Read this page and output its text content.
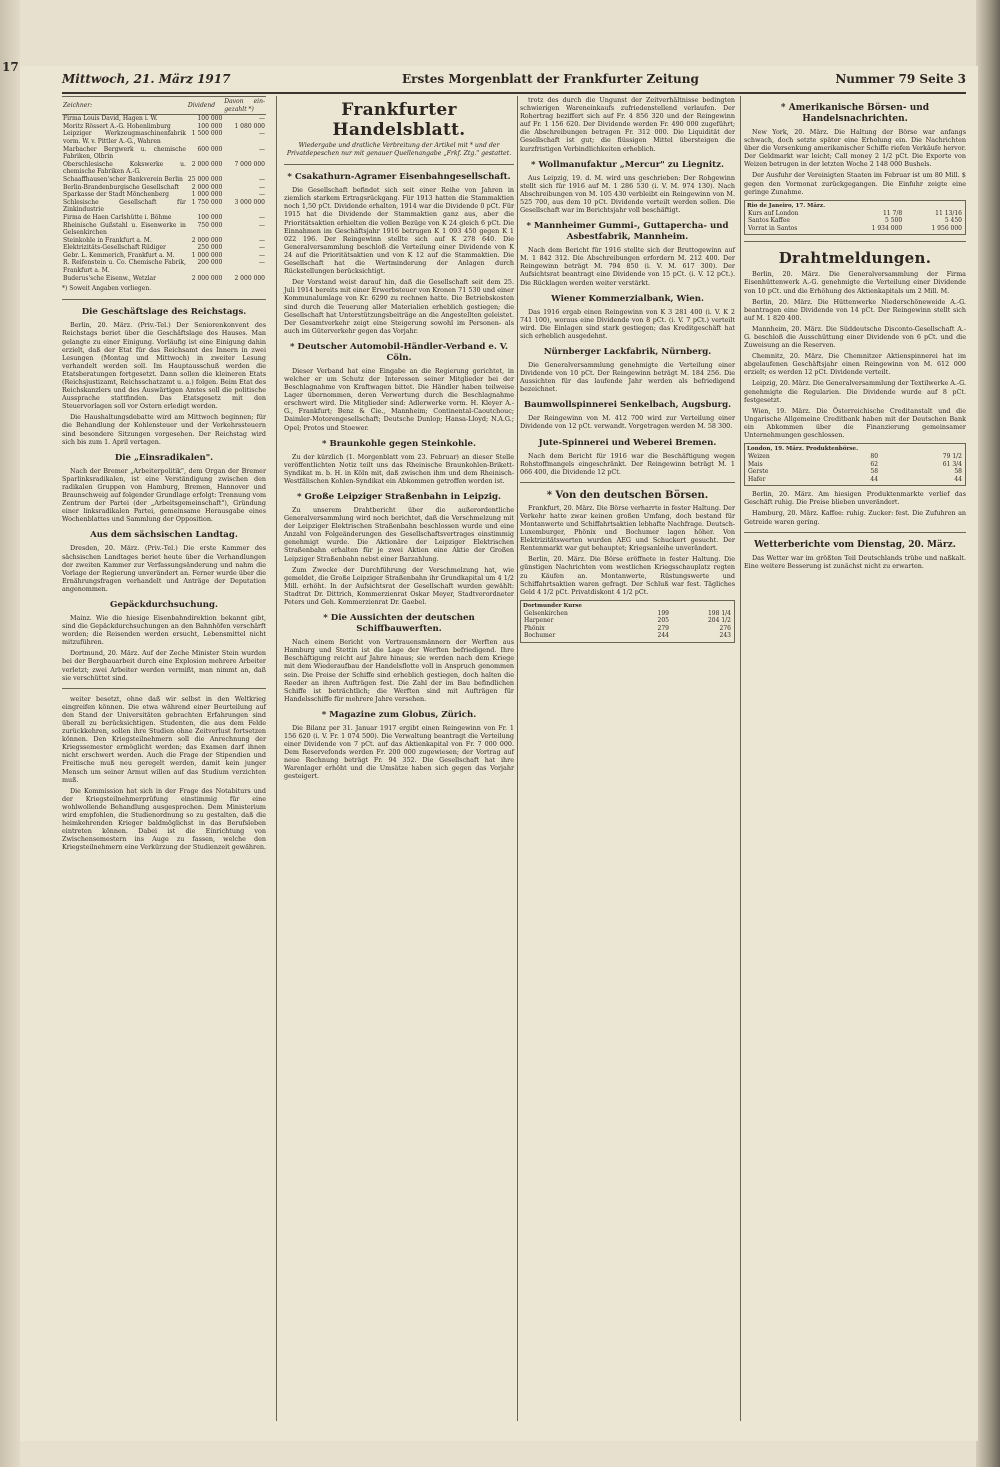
17
Mittwoch, 21. März 1917	Erstes Morgenblatt der Frankfurter Zeitung	Nummer 79 Seite 3
Zeichner:	Dividend	Davon ein-gezahlt *)
Firma Louis David, Hagen i. W.	100 000	—
Moritz Rössert A.-G. Hohenlimburg	100 000	1 080 000
Leipziger Werkzeugmaschinenfabrik vorm. W. v. Pittler A.-G., Wahren	1 500 000	—
Marbacher Bergwerk u. chemische Fabriken, Olbrin	600 000	—
Oberschlesische Kokswerke u. chemische Fabriken A.-G.	2 000 000	7 000 000
Schaaffhausen'scher Bankverein Berlin	25 000 000	—
Berlin-Brandenburgische Gesellschaft	2 000 000	—
Sparkasse der Stadt Mönchenberg	1 000 000	—
Schlesische Gesellschaft für Zinkindustrie	1 750 000	3 000 000
Firma de Haen Carlshütte i. Böhme	100 000	—
Rheinische Gußstahl u. Eisenwerke in Gelsenkirchen	750 000	—
Steinkohle in Frankfurt a. M.	2 000 000	—
Elektrizitäts-Gesellschaft Rüdiger	250 000	—
Gebr. L. Kemmerich, Frankfurt a. M.	1 000 000	—
R. Reifenstein u. Co. Chemische Fabrik, Frankfurt a. M.	200 000	—
Buderus'sche Eisenw., Wetzlar	2 000 000	2 000 000
*) Soweit Angaben vorliegen.
Die Geschäftslage des Reichstags.

Berlin, 20. März. (Priv.-Tel.) Der Seniorenkonvent des Reichstags beriet über die Geschäftslage des Hauses. Man gelangte zu einer Einigung. Vorläufig ist eine Einigung dahin erzielt, daß der Etat für das Reichsamt des Innern in zwei Lesungen (Montag und Mittwoch) in zweiter Lesung verhandelt werden soll. Im Hauptausschuß werden die Etatsberatungen fortgesetzt. Dann sollen die kleineren Etats (Reichsjustizamt, Reichsschatzamt u. a.) folgen. Beim Etat des Reichskanzlers und des Auswärtigen Amtes soll die politische Aussprache stattfinden. Das Etatsgesetz mit den Steuervorlagen soll vor Ostern erledigt werden.

Die Haushaltungsdebatte wird am Mittwoch beginnen; für die Behandlung der Kohlensteuer und der Verkehrssteuern sind besondere Sitzungen vorgesehen. Der Reichstag wird sich bis zum 1. April vertagen.

Die „Einsradikalen".

Nach der Bremer „Arbeiterpolitik", dem Organ der Bremer Sparlinksradikalen, ist eine Verständigung zwischen den radikalen Gruppen von Hamburg, Bremen, Hannover und Braunschweig auf folgender Grundlage erfolgt: Trennung vom Zentrum der Partei (der „Arbeitsgemeinschaft"), Gründung einer linksradikalen Partei, gemeinsame Herausgabe eines Wochenblattes und Sammlung der Opposition.

Aus dem sächsischen Landtag.

Dresden, 20. März. (Priv.-Tel.) Die erste Kammer des sächsischen Landtages beriet heute über die Verhandlungen der zweiten Kammer zur Verfassungsänderung und nahm die Vorlage der Regierung unverändert an. Ferner wurde über die Ernährungsfragen verhandelt und Anträge der Deputation angenommen.

Gepäckdurchsuchung.

Mainz. Wie die hiesige Eisenbahndirektion bekannt gibt, sind die Gepäckdurchsuchungen an den Bahnhöfen verschärft worden; die Reisenden werden ersucht, Lebensmittel nicht mitzuführen.

Dortmund, 20. März. Auf der Zeche Minister Stein wurden bei der Bergbauarbeit durch eine Explosion mehrere Arbeiter verletzt; zwei Arbeiter werden vermißt, man nimmt an, daß sie verschüttet sind.

weiter besetzt, ohne daß wir selbst in den Weltkrieg eingreifen können. Die etwa während einer Beurteilung auf den Stand der Universitäten gebrachten Erfahrungen sind überall zu berücksichtigen. Studenten, die aus dem Felde zurückkehren, sollen ihre Studien ohne Zeitverlust fortsetzen können. Den Kriegsteilnehmern soll die Anrechnung der Kriegssemester ermöglicht werden; das Examen darf ihnen nicht erschwert werden. Auch die Frage der Stipendien und Freitische muß neu geregelt werden, damit kein junger Mensch um seiner Armut willen auf das Studium verzichten muß.

Die Kommission hat sich in der Frage des Notabiturs und der Kriegsteilnehmerprüfung einstimmig für eine wohlwollende Behandlung ausgesprochen. Dem Ministerium wird empfohlen, die Studienordnung so zu gestalten, daß die heimkehrenden Krieger baldmöglichst in das Berufsleben eintreten können. Dabei ist die Einrichtung von Zwischensemestern ins Auge zu fassen, welche den Kriegsteilnehmern eine Verkürzung der Studienzeit gewähren.

Frankfurter Handelsblatt.
Wiedergabe und dratliche Verbreitung der Artikel mit * und der Privatdepeschen nur mit genauer Quellenangabe „Frkf. Ztg." gestattet.
* Csakathurn-Agramer Eisenbahngesellschaft.

Die Gesellschaft befindet sich seit einer Reihe von Jahren in ziemlich starkem Ertragsrückgang. Für 1913 hatten die Stammaktien noch 1,50 pCt. Dividende erhalten, 1914 war die Dividende 0 pCt. Für 1915 hat die Dividende der Stammaktien ganz aus, aber die Prioritätsaktien erhielten die vollen Bezüge von K 24 gleich 6 pCt. Die Einnahmen im Geschäftsjahr 1916 betrugen K 1 093 450 gegen K 1 022 196. Der Reingewinn stellte sich auf K 278 640. Die Generalversammlung beschloß die Verteilung einer Dividende von K 24 auf die Prioritätsaktien und von K 12 auf die Stammaktien. Die Gesellschaft hat die Wertminderung der Anlagen durch Rückstellungen berücksichtigt.

Der Vorstand weist darauf hin, daß die Gesellschaft seit dem 25. Juli 1914 bereits mit einer Erwerbsteuer von Kronen 71 530 und einer Kommunalumlage von Kr. 6290 zu rechnen hatte. Die Betriebskosten sind durch die Teuerung aller Materialien erheblich gestiegen; die Gesellschaft hat Unterstützungsbeiträge an die Angestellten geleistet. Der Gesamtverkehr zeigt eine Steigerung sowohl im Personen- als auch im Güterverkehr gegen das Vorjahr.

* Deutscher Automobil-Händler-Verband e. V. Cöln.

Dieser Verband hat eine Eingabe an die Regierung gerichtet, in welcher er um Schutz der Interessen seiner Mitglieder bei der Beschlagnahme von Kraftwagen bittet. Die Händler haben teilweise Lager übernommen, deren Verwertung durch die Beschlagnahme erschwert wird. Die Mitglieder sind: Adlerwerke vorm. H. Kleyer A.-G., Frankfurt; Benz & Cie., Mannheim; Continental-Caoutchouc; Daimler-Motorengesellschaft; Deutsche Dunlop; Hansa-Lloyd; N.A.G.; Opel; Protos und Stoewer.

* Braunkohle gegen Steinkohle.

Zu der kürzlich (1. Morgenblatt vom 23. Februar) an dieser Stelle veröffentlichten Notiz teilt uns das Rheinische Braunkohlen-Brikett-Syndikat m. b. H. in Köln mit, daß zwischen ihm und dem Rheinisch-Westfälischen Kohlen-Syndikat ein Abkommen getroffen worden ist.

* Große Leipziger Straßenbahn in Leipzig.

Zu unserem Drahtbericht über die außerordentliche Generalversammlung wird noch berichtet, daß die Verschmelzung mit der Leipziger Elektrischen Straßenbahn beschlossen wurde und eine Anzahl von Folgeänderungen des Gesellschaftsvertrages einstimmig genehmigt wurde. Die Aktionäre der Leipziger Elektrischen Straßenbahn erhalten für je zwei Aktien eine Aktie der Großen Leipziger Straßenbahn nebst einer Barzahlung.

Zum Zwecke der Durchführung der Verschmelzung hat, wie gemeldet, die Große Leipziger Straßenbahn ihr Grundkapital um 4 1/2 Mill. erhöht. In der Aufsichtsrat der Gesellschaft wurden gewählt: Stadtrat Dr. Dittrich, Kommerzienrat Oskar Meyer, Stadtverordneter Peters und Geh. Kommerzienrat Dr. Gaebel.

* Die Aussichten der deutschen Schiffbauwerften.

Nach einem Bericht von Vertrauensmännern der Werften aus Hamburg und Stettin ist die Lage der Werften befriedigend. Ihre Beschäftigung reicht auf Jahre hinaus; sie werden nach dem Kriege mit dem Wiederaufbau der Handelsflotte voll in Anspruch genommen sein. Die Preise der Schiffe sind erheblich gestiegen, doch halten die Reeder an ihren Aufträgen fest. Die Zahl der im Bau befindlichen Schiffe ist beträchtlich; die Werften sind mit Aufträgen für Handelsschiffe für mehrere Jahre versehen.

* Magazine zum Globus, Zürich.

Die Bilanz per 31. Januar 1917 ergibt einen Reingewinn von Fr. 1 156 620 (i. V. Fr. 1 074 500). Die Verwaltung beantragt die Verteilung einer Dividende von 7 pCt. auf das Aktienkapital von Fr. 7 000 000. Dem Reservefonds werden Fr. 200 000 zugewiesen; der Vortrag auf neue Rechnung beträgt Fr. 94 352. Die Gesellschaft hat ihre Warenlager erhöht und die Umsätze haben sich gegen das Vorjahr gesteigert.

trotz des durch die Ungunst der Zeitverhältnisse bedingten schwierigen Wareneinkaufs zufriedenstellend verlaufen. Der Rohertrag beziffert sich auf Fr. 4 856 320 und der Reingewinn auf Fr. 1 156 620. Der Dividende werden Fr. 490 000 zugeführt; die Abschreibungen betragen Fr. 312 000. Die Liquidität der Gesellschaft ist gut; die flüssigen Mittel übersteigen die kurzfristigen Verbindlichkeiten erheblich.

* Wollmanufaktur „Mercur" zu Liegnitz.

Aus Leipzig, 19. d. M. wird uns geschrieben: Der Rohgewinn stellt sich für 1916 auf M. 1 286 530 (i. V. M. 974 130). Nach Abschreibungen von M. 105 430 verbleibt ein Reingewinn von M. 525 700, aus dem 10 pCt. Dividende verteilt werden sollen. Die Gesellschaft war im Berichtsjahr voll beschäftigt.

* Mannheimer Gummi-, Guttapercha- und Asbestfabrik, Mannheim.

Nach dem Bericht für 1916 stellte sich der Bruttogewinn auf M. 1 842 312. Die Abschreibungen erfordern M. 212 400. Der Reingewinn beträgt M. 794 850 (i. V. M. 617 300). Der Aufsichtsrat beantragt eine Dividende von 15 pCt. (i. V. 12 pCt.). Die Rücklagen werden weiter verstärkt.

Wiener Kommerzialbank, Wien.

Das 1916 ergab einen Reingewinn von K 3 281 400 (i. V. K 2 741 100), woraus eine Dividende von 8 pCt. (i. V. 7 pCt.) verteilt wird. Die Einlagen sind stark gestiegen; das Kreditgeschäft hat sich erheblich ausgedehnt.

Nürnberger Lackfabrik, Nürnberg.

Die Generalversammlung genehmigte die Verteilung einer Dividende von 10 pCt. Der Reingewinn beträgt M. 184 256. Die Aussichten für das laufende Jahr werden als befriedigend bezeichnet.

Baumwollspinnerei Senkelbach, Augsburg.

Der Reingewinn von M. 412 700 wird zur Verteilung einer Dividende von 12 pCt. verwandt. Vorgetragen werden M. 58 300.

Jute-Spinnerei und Weberei Bremen.

Nach dem Bericht für 1916 war die Beschäftigung wegen Rohstoffmangels eingeschränkt. Der Reingewinn beträgt M. 1 066 400, die Dividende 12 pCt.

* Von den deutschen Börsen.

Frankfurt, 20. März. Die Börse verharrte in fester Haltung. Der Verkehr hatte zwar keinen großen Umfang, doch bestand für Montanwerte und Schiffahrtsaktien lebhafte Nachfrage. Deutsch-Luxemburger, Phönix und Bochumer lagen höher. Von Elektrizitätswerten wurden AEG und Schuckert gesucht. Der Rentenmarkt war gut behauptet; Kriegsanleihe unverändert.

Berlin, 20. März. Die Börse eröffnete in fester Haltung. Die günstigen Nachrichten vom westlichen Kriegsschauplatz regten zu Käufen an. Montanwerte, Rüstungswerte und Schiffahrtsaktien waren gefragt. Der Schluß war fest. Tägliches Geld 4 1/2 pCt. Privatdiskont 4 1/2 pCt.

Dortmunder Kurse
Gelsenkirchen	199	198 1/4
Harpener	205	204 1/2
Phönix	279	276
Bochumer	244	243
* Amerikanische Börsen- und Handelsnachrichten.

New York, 20. März. Die Haltung der Börse war anfangs schwach, doch setzte später eine Erholung ein. Die Nachrichten über die Versenkung amerikanischer Schiffe riefen Verkäufe hervor. Der Geldmarkt war leicht; Call money 2 1/2 pCt. Die Exporte von Weizen betrugen in der letzten Woche 2 148 000 Bushels.

Der Ausfuhr der Vereinigten Staaten im Februar ist um 80 Mill. $ gegen den Vormonat zurückgegangen. Die Einfuhr zeigte eine geringe Zunahme.

Rio de Janeiro, 17. März.
Kurs auf London	11 7/8	11 13/16
Santos Kaffee	5 500	5 450
Vorrat in Santos	1 934 000	1 956 000
Drahtmeldungen.

Berlin, 20. März. Die Generalversammlung der Firma Eisenhüttenwerk A.-G. genehmigte die Verteilung einer Dividende von 10 pCt. und die Erhöhung des Aktienkapitals um 2 Mill. M.

Berlin, 20. März. Die Hüttenwerke Niederschöneweide A.-G. beantragen eine Dividende von 14 pCt. Der Reingewinn stellt sich auf M. 1 820 400.

Mannheim, 20. März. Die Süddeutsche Disconto-Gesellschaft A.-G. beschloß die Ausschüttung einer Dividende von 6 pCt. und die Zuweisung an die Reserven.

Chemnitz, 20. März. Die Chemnitzer Aktienspinnerei hat im abgelaufenen Geschäftsjahr einen Reingewinn von M. 612 000 erzielt; es werden 12 pCt. Dividende verteilt.

Leipzig, 20. März. Die Generalversammlung der Textilwerke A.-G. genehmigte die Regularien. Die Dividende wurde auf 8 pCt. festgesetzt.

Wien, 19. März. Die Österreichische Creditanstalt und die Ungarische Allgemeine Creditbank haben mit der Deutschen Bank ein Abkommen über die Finanzierung gemeinsamer Unternehmungen geschlossen.

London, 19. März. Produktenbörse.
Weizen	80	79 1/2
Mais	62	61 3/4
Gerste	58	58
Hafer	44	44

Berlin, 20. März. Am hiesigen Produktenmarkte verlief das Geschäft ruhig. Die Preise blieben unverändert.

Hamburg, 20. März. Kaffee: ruhig. Zucker: fest. Die Zufuhren an Getreide waren gering.

Wetterberichte vom Dienstag, 20. März.

Das Wetter war im größten Teil Deutschlands trübe und naßkalt. Eine weitere Besserung ist zunächst nicht zu erwarten.
